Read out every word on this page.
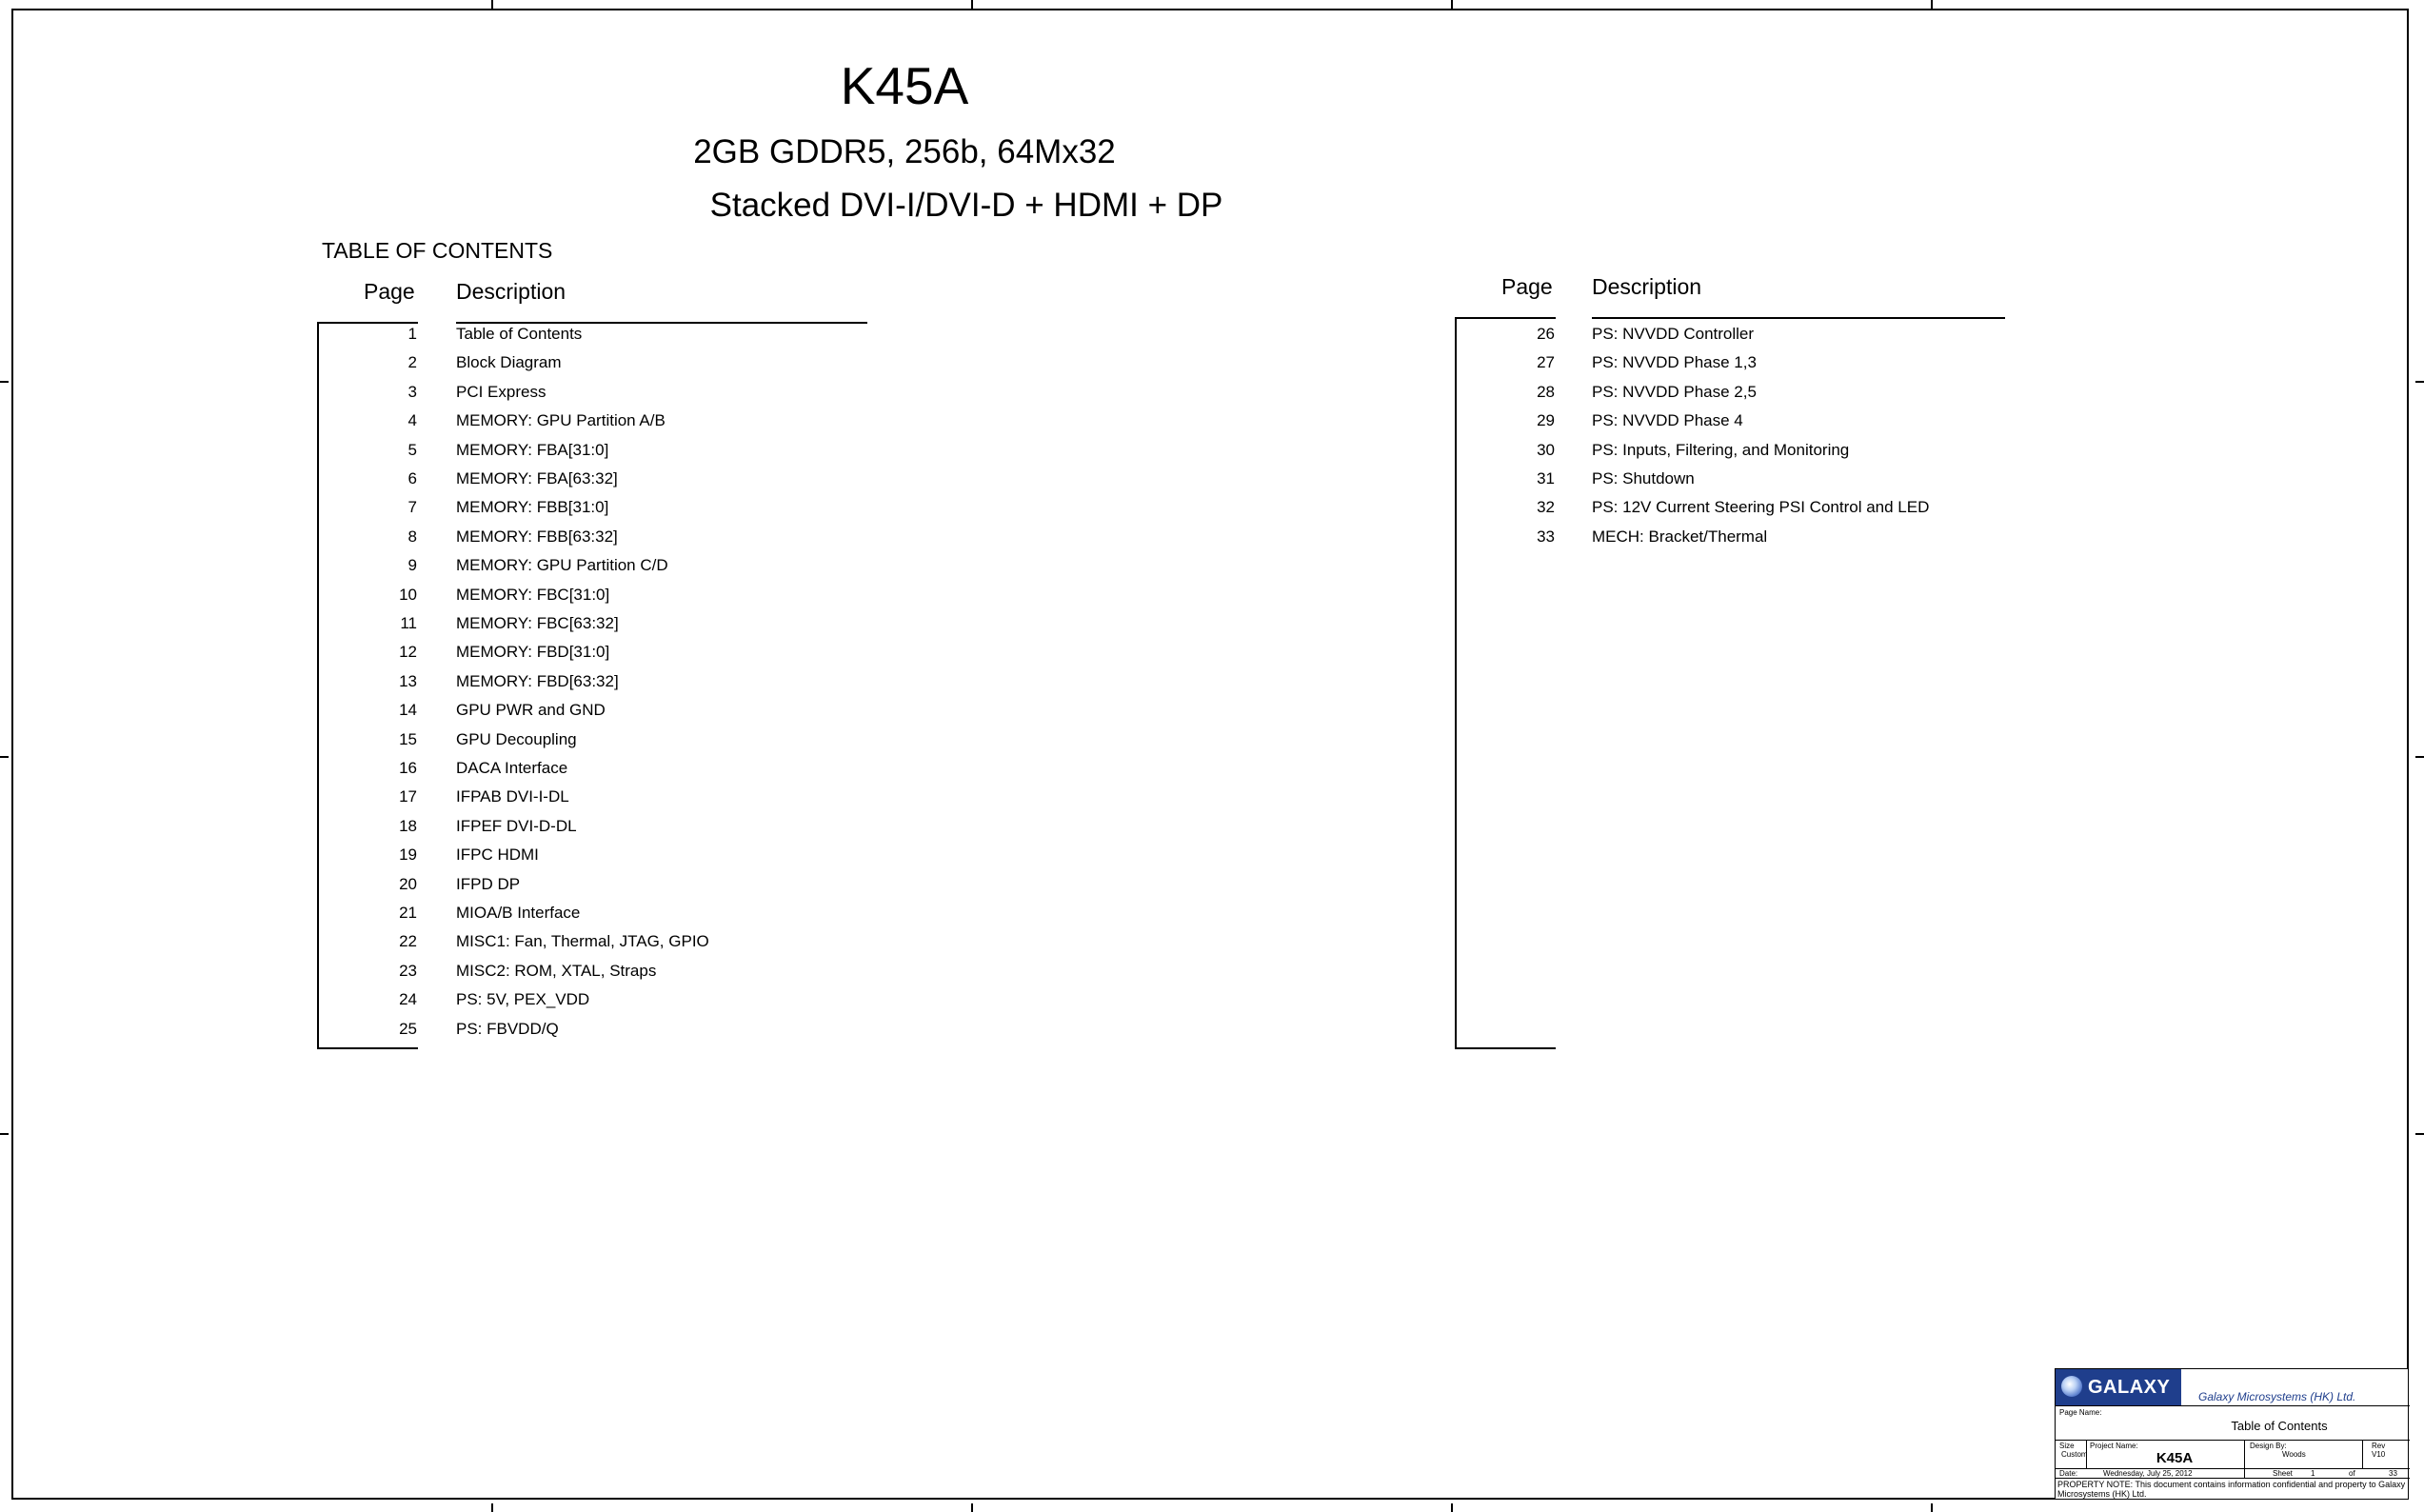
K45A
2GB GDDR5, 256b, 64Mx32
Stacked DVI-I/DVI-D + HDMI + DP
TABLE OF CONTENTS
Page Description
1 Table of Contents
2 Block Diagram
3 PCI Express
4 MEMORY: GPU Partition A/B
5 MEMORY: FBA[31:0]
6 MEMORY: FBA[63:32]
7 MEMORY: FBB[31:0]
8 MEMORY: FBB[63:32]
9 MEMORY: GPU Partition C/D
10 MEMORY: FBC[31:0]
11 MEMORY: FBC[63:32]
12 MEMORY: FBD[31:0]
13 MEMORY: FBD[63:32]
14 GPU PWR and GND
15 GPU Decoupling
16 DACA Interface
17 IFPAB DVI-I-DL
18 IFPEF DVI-D-DL
19 IFPC HDMI
20 IFPD DP
21 MIOA/B Interface
22 MISC1: Fan, Thermal, JTAG, GPIO
23 MISC2: ROM, XTAL, Straps
24 PS: 5V, PEX_VDD
25 PS: FBVDD/Q
Page Description
26 PS: NVVDD Controller
27 PS: NVVDD Phase 1,3
28 PS: NVVDD Phase 2,5
29 PS: NVVDD Phase 4
30 PS: Inputs, Filtering, and Monitoring
31 PS: Shutdown
32 PS: 12V Current Steering PSI Control and LED
33 MECH: Bracket/Thermal
GALAXY Galaxy Microsystems (HK) Ltd.
Page Name:
Table of Contents
Size
Custom
Project Name:
K45A
Design By:
Woods
Rev
V10
Date:	Wednesday, July 25, 2012	Sheet 1	of	33
PROPERTY NOTE: This document contains information confidential and property to Galaxy Microsystems (HK) Ltd.
